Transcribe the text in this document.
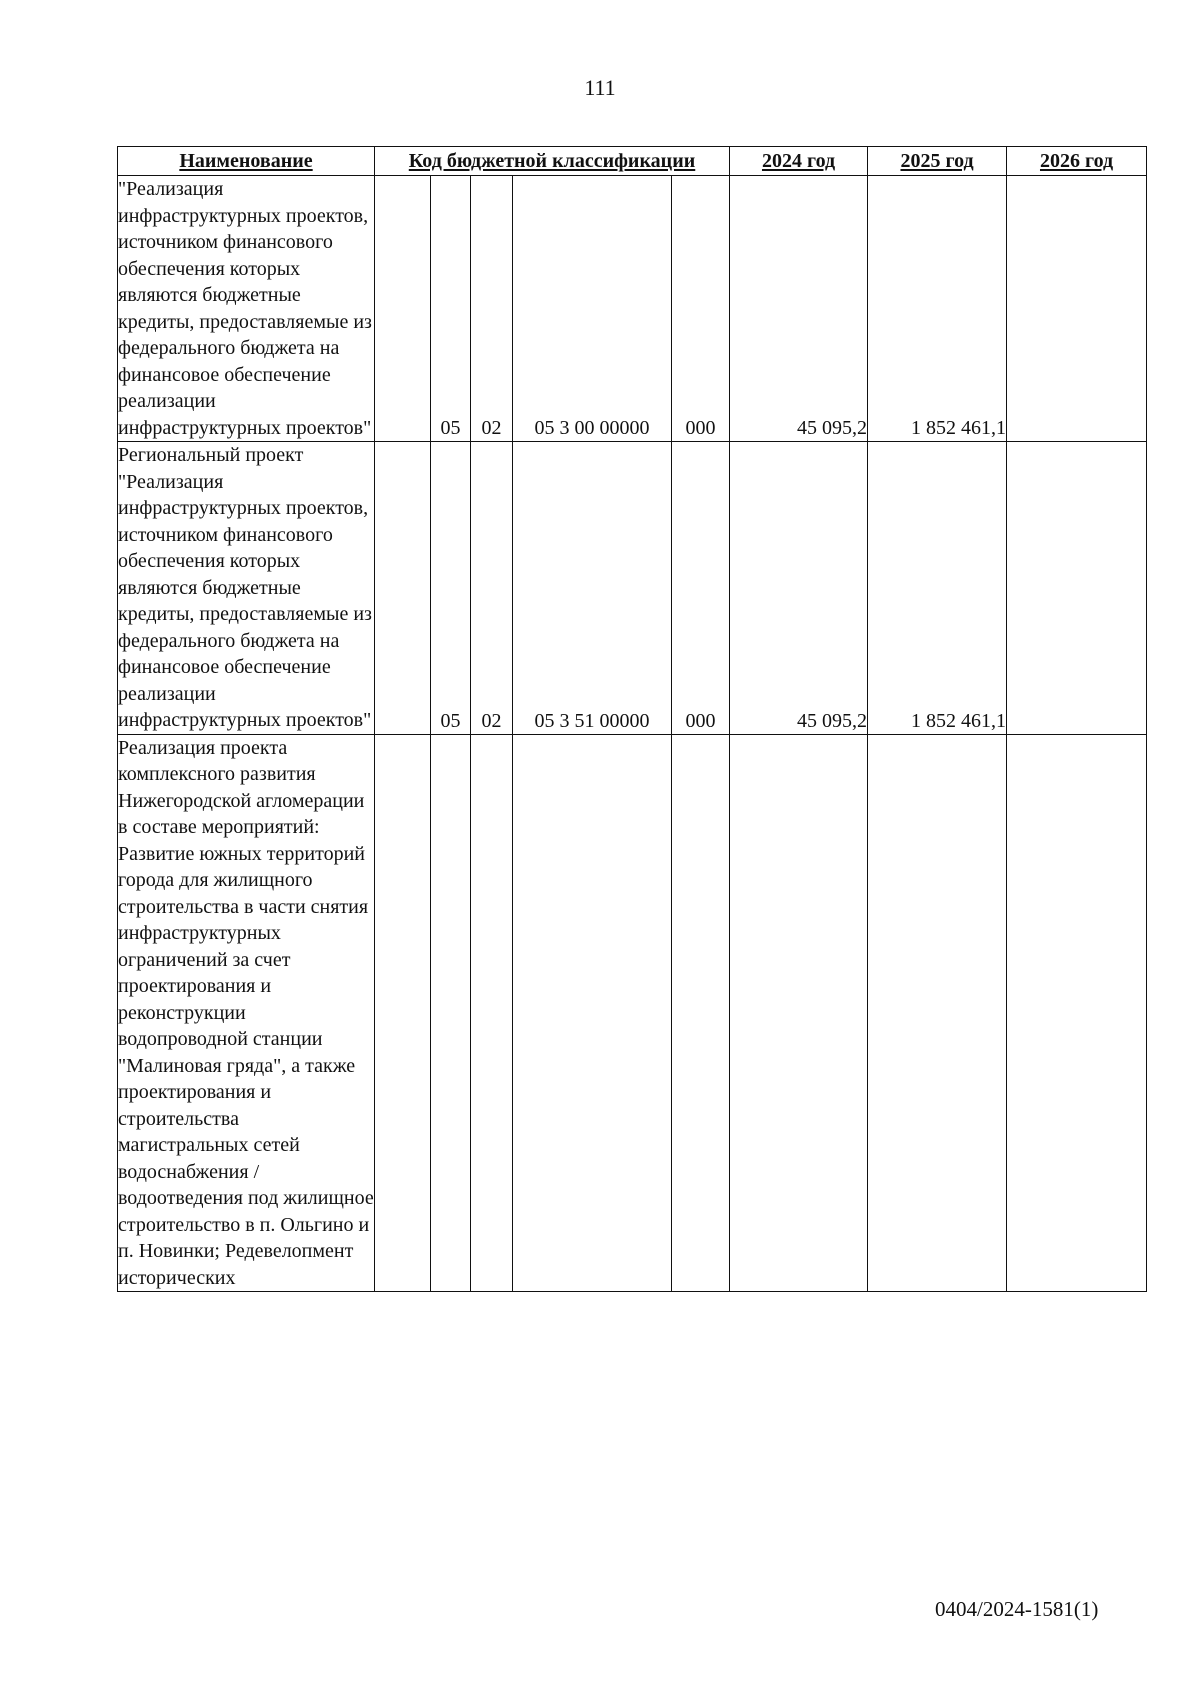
111
Наименование	Код бюджетной классификации					2024 год	2025 год	2026 год
"Реализация инфраструктурных проектов, источником финансового обеспечения которых являются бюджетные кредиты, предоставляемые из федерального бюджета на финансовое обеспечение реализации инфраструктурных проектов"		05	02	05 3 00 00000	000	45 095,2	1 852 461,1	
Региональный проект "Реализация инфраструктурных проектов, источником финансового обеспечения которых являются бюджетные кредиты, предоставляемые из федерального бюджета на финансовое обеспечение реализации инфраструктурных проектов"		05	02	05 3 51 00000	000	45 095,2	1 852 461,1	
Реализация проекта комплексного развития Нижегородской агломерации в составе мероприятий: Развитие южных территорий города для жилищного строительства в части снятия инфраструктурных ограничений за счет проектирования и реконструкции водопроводной станции "Малиновая гряда", а также проектирования и строительства магистральных сетей водоснабжения / водоотведения под жилищное строительство в п. Ольгино и п. Новинки; Редевелопмент исторических								
0404/2024-1581(1)
